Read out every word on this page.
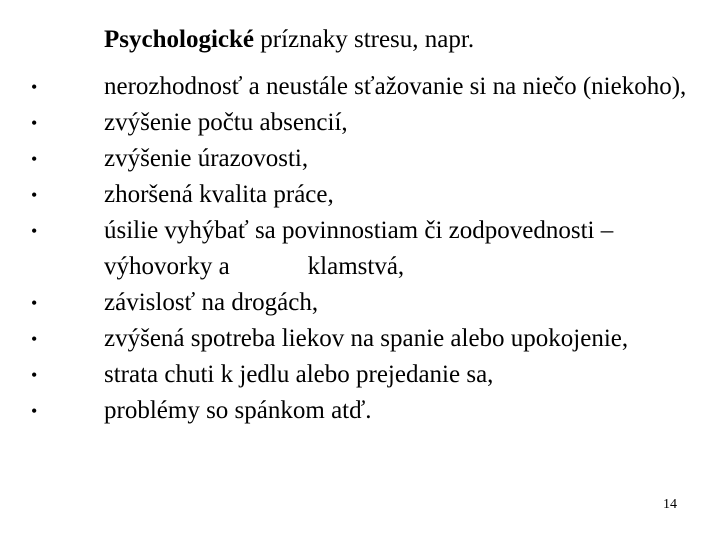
Psychologické príznaky stresu, napr.
•	nerozhodnosť a neustále sťažovanie si na niečo (niekoho),
•	zvýšenie počtu absencií,
•	zvýšenie úrazovosti,
•	zhoršená kvalita práce,
•	úsilie vyhýbať sa povinnostiam či zodpovednosti –
výhovorky a	klamstvá,
•	závislosť na drogách,
•	zvýšená spotreba liekov na spanie alebo upokojenie,
•	strata chuti k jedlu alebo prejedanie sa,
•	problémy so spánkom atď.
14
